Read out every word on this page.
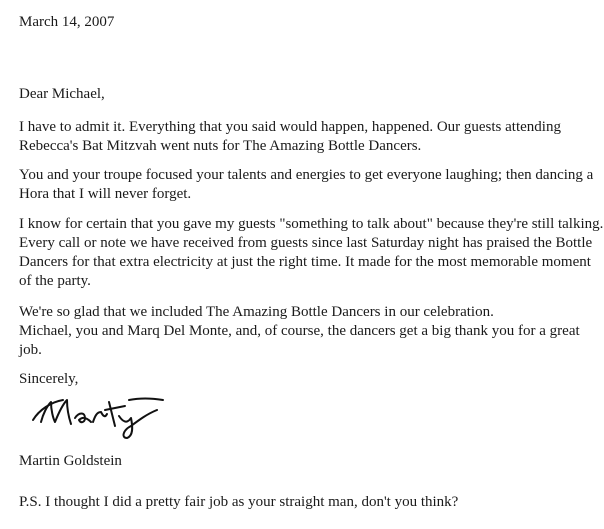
March 14, 2007
Dear Michael,
I have to admit it. Everything that you said would happen, happened. Our guests attending
Rebecca's Bat Mitzvah went nuts for The Amazing Bottle Dancers.
You and your troupe focused your talents and energies to get everyone laughing; then dancing a
Hora that I will never forget.
I know for certain that you gave my guests "something to talk about" because they're still talking.
Every call or note we have received from guests since last Saturday night has praised the Bottle
Dancers for that extra electricity at just the right time. It made for the most memorable moment
of the party.
We're so glad that we included The Amazing Bottle Dancers in our celebration.
Michael, you and Marq Del Monte, and, of course, the dancers get a big thank you for a great
job.
Sincerely,
Martin Goldstein
P.S. I thought I did a pretty fair job as your straight man, don't you think?
